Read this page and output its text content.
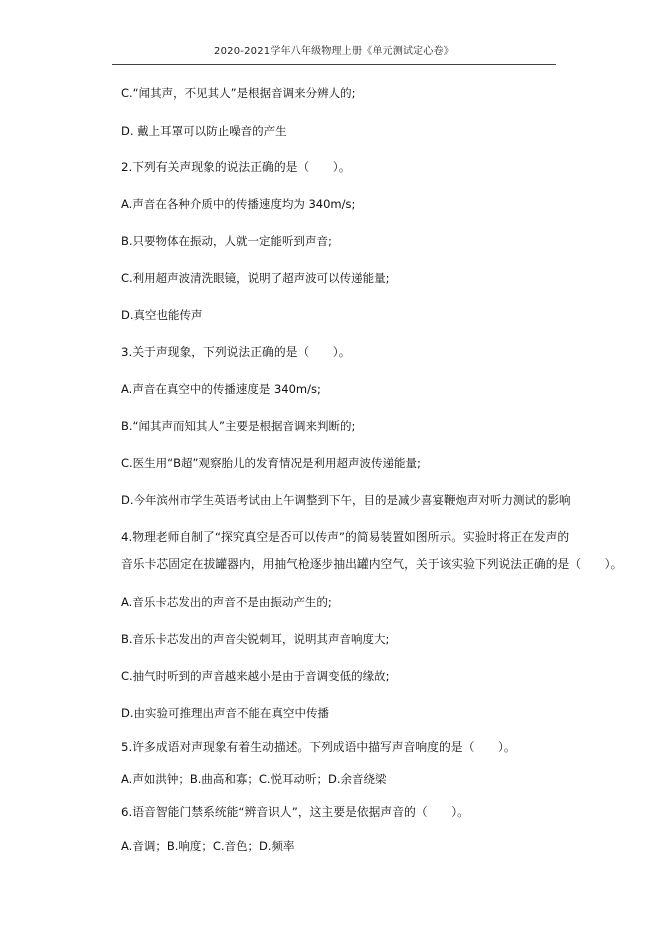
2020-2021学年八年级物理上册《单元测试定心卷》
C.“闻其声，不见其人”是根据音调来分辨人的;
D. 戴上耳罩可以防止噪音的产生
2.下列有关声现象的说法正确的是（　　）。
A.声音在各种介质中的传播速度均为 340m/s;
B.只要物体在振动，人就一定能听到声音;
C.利用超声波清洗眼镜，说明了超声波可以传递能量;
D.真空也能传声
3.关于声现象，下列说法正确的是（　　）。
A.声音在真空中的传播速度是 340m/s;
B.“闻其声而知其人”主要是根据音调来判断的;
C.医生用“B超”观察胎儿的发育情况是利用超声波传递能量;
D.今年滨州市学生英语考试由上午调整到下午，目的是减少喜宴鞭炮声对听力测试的影响
4.物理老师自制了“探究真空是否可以传声”的简易装置如图所示。实验时将正在发声的
音乐卡芯固定在拔罐器内，用抽气枪逐步抽出罐内空气，关于该实验下列说法正确的是（　　）。
A.音乐卡芯发出的声音不是由振动产生的;
B.音乐卡芯发出的声音尖锐刺耳，说明其声音响度大;
C.抽气时听到的声音越来越小是由于音调变低的缘故;
D.由实验可推理出声音不能在真空中传播
5.许多成语对声现象有着生动描述。下列成语中描写声音响度的是（　　）。
A.声如洪钟；B.曲高和寡；C.悦耳动听；D.余音绕梁
6.语音智能门禁系统能“辨音识人”，这主要是依据声音的（　　）。
A.音调；B.响度；C.音色；D.频率
